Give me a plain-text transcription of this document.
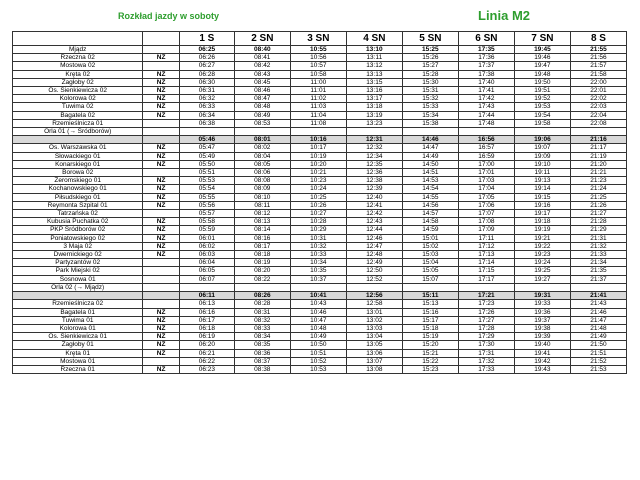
Rozkład jazdy w soboty	Linia M2
		1 S	2 SN	3 SN	4 SN	5 SN	6 SN	7 SN	8 S
Mjądz		06:25	08:40	10:55	13:10	15:25	17:35	19:45	21:55
Rzeczna 02	NŻ	06:26	08:41	10:56	13:11	15:26	17:36	19:46	21:56
Mostowa 02		06:27	08:42	10:57	13:12	15:27	17:37	19:47	21:57
Kręta 02	NŻ	06:28	08:43	10:58	13:13	15:28	17:38	19:48	21:58
Zagłoby 02	NŻ	06:30	08:45	11:00	13:15	15:30	17:40	19:50	22:00
Os. Sienkiewicza 02	NŻ	06:31	08:46	11:01	13:16	15:31	17:41	19:51	22:01
Kolorowa 02	NŻ	06:32	08:47	11:02	13:17	15:32	17:42	19:52	22:02
Tuwima 02	NŻ	06:33	08:48	11:03	13:18	15:33	17:43	19:53	22:03
Bagatela 02	NŻ	06:34	08:49	11:04	13:19	15:34	17:44	19:54	22:04
Rzemieślnicza 01		06:38	08:53	11:08	13:23	15:38	17:48	19:58	22:08
Orla 01 (→ Śródborów)									
		05:46	08:01	10:16	12:31	14:46	16:56	19:06	21:16
Os. Warszawska 01	NŻ	05:47	08:02	10:17	12:32	14:47	16:57	19:07	21:17
Słowackiego 01	NŻ	05:49	08:04	10:19	12:34	14:49	16:59	19:09	21:19
Konarskiego 01	NŻ	05:50	08:05	10:20	12:35	14:50	17:00	19:10	21:20
Borowa 02		05:51	08:06	10:21	12:36	14:51	17:01	19:11	21:21
Żeromskiego 01	NŻ	05:53	08:08	10:23	12:38	14:53	17:03	19:13	21:23
Kochanowskiego 01	NŻ	05:54	08:09	10:24	12:39	14:54	17:04	19:14	21:24
Piłsudskiego 01	NŻ	05:55	08:10	10:25	12:40	14:55	17:05	19:15	21:25
Reymonta Szpital 01	NŻ	05:56	08:11	10:26	12:41	14:56	17:06	19:16	21:26
Tatrzańska 02		05:57	08:12	10:27	12:42	14:57	17:07	19:17	21:27
Kubusia Puchatka 02	NŻ	05:58	08:13	10:28	12:43	14:58	17:08	19:18	21:28
PKP Śródborów 02	NŻ	05:59	08:14	10:29	12:44	14:59	17:09	19:19	21:29
Poniatowskiego 02	NŻ	06:01	08:16	10:31	12:46	15:01	17:11	19:21	21:31
3 Maja 02	NŻ	06:02	08:17	10:32	12:47	15:02	17:12	19:22	21:32
Dwernickiego 02	NŻ	06:03	08:18	10:33	12:48	15:03	17:13	19:23	21:33
Partyzantów 02		06:04	08:19	10:34	12:49	15:04	17:14	19:24	21:34
Park Miejski 02		06:05	08:20	10:35	12:50	15:05	17:15	19:25	21:35
Sosnowa 01		06:07	08:22	10:37	12:52	15:07	17:17	19:27	21:37
Orla 02 (→ Mjądz)									
		06:11	08:26	10:41	12:56	15:11	17:21	19:31	21:41
Rzemieślnicza 02		06:13	08:28	10:43	12:58	15:13	17:23	19:33	21:43
Bagatela 01	NŻ	06:16	08:31	10:46	13:01	15:16	17:26	19:36	21:46
Tuwima 01	NŻ	06:17	08:32	10:47	13:02	15:17	17:27	19:37	21:47
Kolorowa 01	NŻ	06:18	08:33	10:48	13:03	15:18	17:28	19:38	21:48
Os. Sienkiewicza 01	NŻ	06:19	08:34	10:49	13:04	15:19	17:29	19:39	21:49
Zagłoby 01	NŻ	06:20	08:35	10:50	13:05	15:20	17:30	19:40	21:50
Kręta 01	NŻ	06:21	08:36	10:51	13:06	15:21	17:31	19:41	21:51
Mostowa 01		06:22	08:37	10:52	13:07	15:22	17:32	19:42	21:52
Rzeczna 01	NŻ	06:23	08:38	10:53	13:08	15:23	17:33	19:43	21:53
